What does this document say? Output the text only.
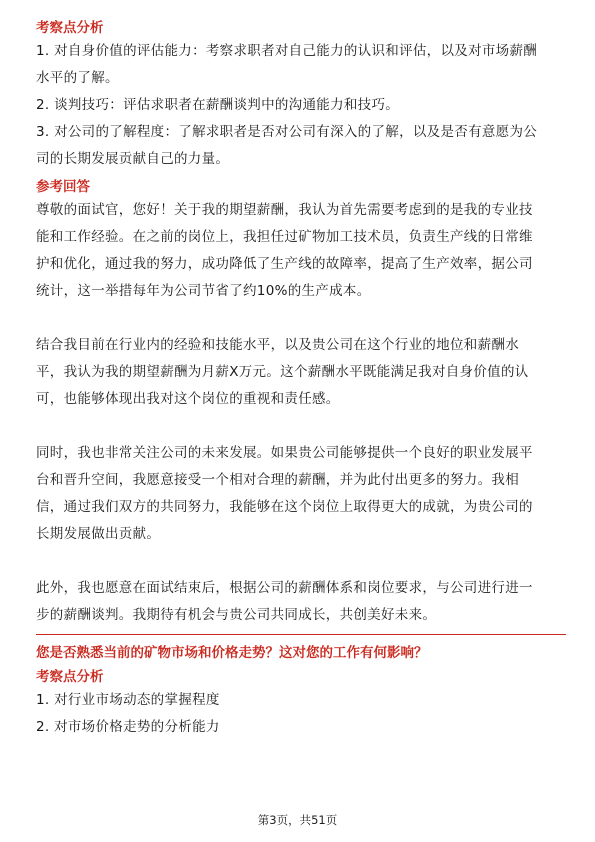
考察点分析
1. 对自身价值的评估能力：考察求职者对自己能力的认识和评估，以及对市场薪酬
水平的了解。
2. 谈判技巧：评估求职者在薪酬谈判中的沟通能力和技巧。
3. 对公司的了解程度：了解求职者是否对公司有深入的了解，以及是否有意愿为公
司的长期发展贡献自己的力量。
参考回答
尊敬的面试官，您好！关于我的期望薪酬，我认为首先需要考虑到的是我的专业技
能和工作经验。在之前的岗位上，我担任过矿物加工技术员，负责生产线的日常维
护和优化，通过我的努力，成功降低了生产线的故障率，提高了生产效率，据公司
统计，这一举措每年为公司节省了约10%的生产成本。
结合我目前在行业内的经验和技能水平，以及贵公司在这个行业的地位和薪酬水
平，我认为我的期望薪酬为月薪X万元。这个薪酬水平既能满足我对自身价值的认
可，也能够体现出我对这个岗位的重视和责任感。
同时，我也非常关注公司的未来发展。如果贵公司能够提供一个良好的职业发展平
台和晋升空间，我愿意接受一个相对合理的薪酬，并为此付出更多的努力。我相
信，通过我们双方的共同努力，我能够在这个岗位上取得更大的成就，为贵公司的
长期发展做出贡献。
此外，我也愿意在面试结束后，根据公司的薪酬体系和岗位要求，与公司进行进一
步的薪酬谈判。我期待有机会与贵公司共同成长，共创美好未来。
您是否熟悉当前的矿物市场和价格走势？这对您的工作有何影响？
考察点分析
1. 对行业市场动态的掌握程度
2. 对市场价格走势的分析能力
第3页，共51页
